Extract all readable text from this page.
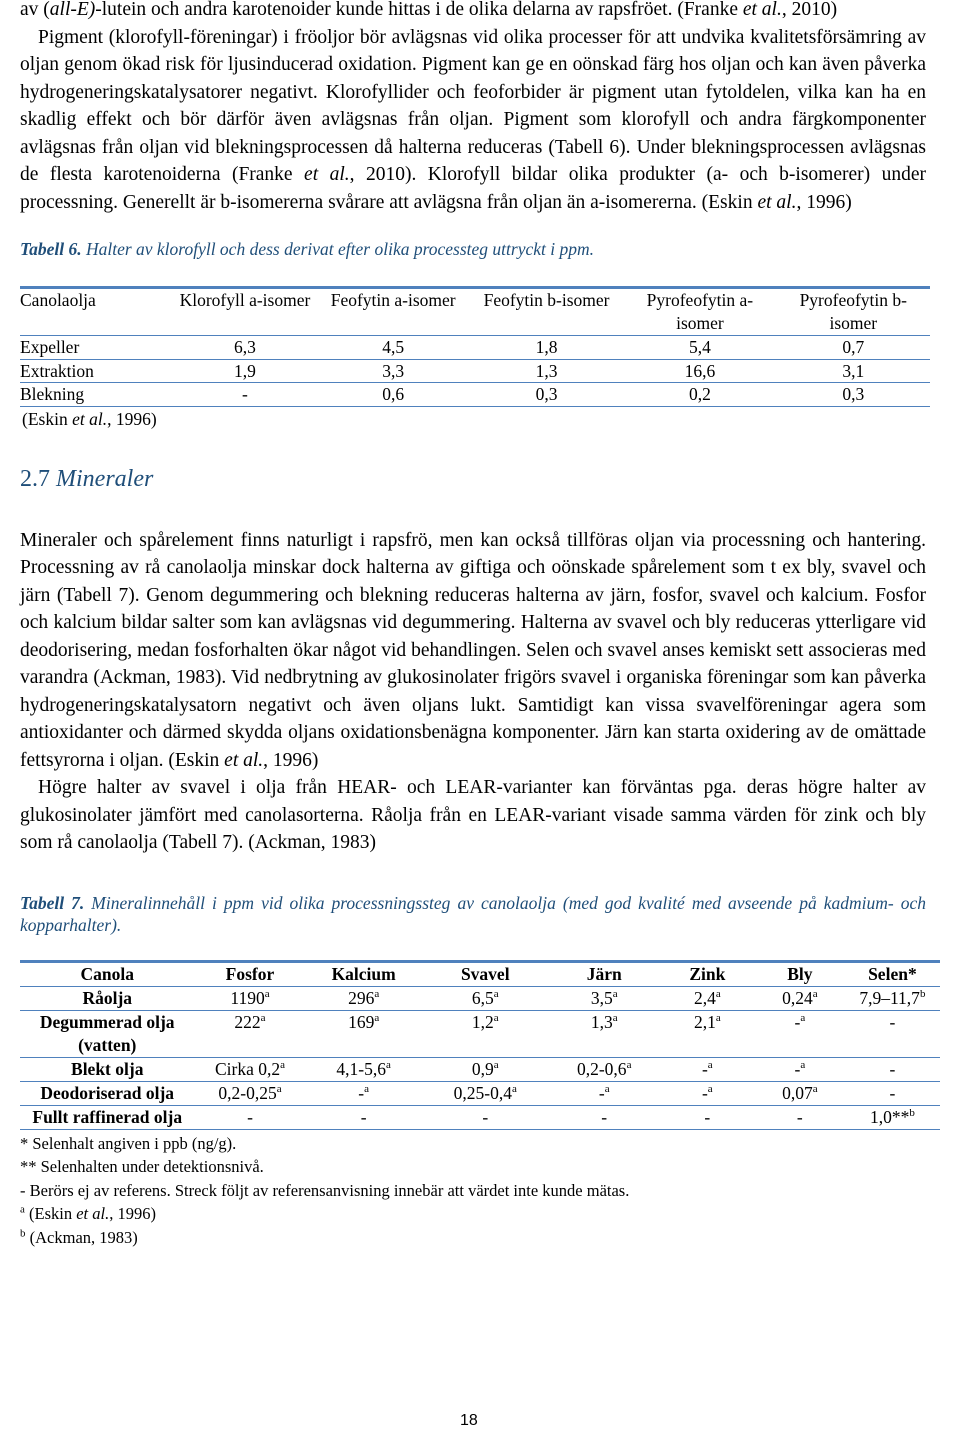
av (all-E)-lutein och andra karotenoider kunde hittas i de olika delarna av rapsfröet. (Franke et al., 2010)

Pigment (klorofyll-föreningar) i fröoljor bör avlägsnas vid olika processer för att undvika kvalitetsförsämring av oljan genom ökad risk för ljusinducerad oxidation. Pigment kan ge en oönskad färg hos oljan och kan även påverka hydrogeneringskatalysatorer negativt. Klorofyllider och feoforbider är pigment utan fytoldelen, vilka kan ha en skadlig effekt och bör därför även avlägsnas från oljan. Pigment som klorofyll och andra färgkomponenter avlägsnas från oljan vid blekningsprocessen då halterna reduceras (Tabell 6). Under blekningsprocessen avlägsnas de flesta karotenoiderna (Franke et al., 2010). Klorofyll bildar olika produkter (a- och b-isomerer) under processning. Generellt är b-isomererna svårare att avlägsna från oljan än a-isomererna. (Eskin et al., 1996)

Tabell 6. Halter av klorofyll och dess derivat efter olika processteg uttryckt i ppm.

Canolaolja	Klorofyll a-isomer	Feofytin a-isomer	Feofytin b-isomer	Pyrofeofytin a-isomer	Pyrofeofytin b-isomer
Expeller	6,3	4,5	1,8	5,4	0,7
Extraktion	1,9	3,3	1,3	16,6	3,1
Blekning	-	0,6	0,3	0,2	0,3

(Eskin et al., 1996)

2.7 Mineraler

Mineraler och spårelement finns naturligt i rapsfrö, men kan också tillföras oljan via processning och hantering. Processning av rå canolaolja minskar dock halterna av giftiga och oönskade spårelement som t ex bly, svavel och järn (Tabell 7). Genom degummering och blekning reduceras halterna av järn, fosfor, svavel och kalcium. Fosfor och kalcium bildar salter som kan avlägsnas vid degummering. Halterna av svavel och bly reduceras ytterligare vid deodorisering, medan fosforhalten ökar något vid behandlingen. Selen och svavel anses kemiskt sett associeras med varandra (Ackman, 1983). Vid nedbrytning av glukosinolater frigörs svavel i organiska föreningar som kan påverka hydrogeneringskatalysatorn negativt och även oljans lukt. Samtidigt kan vissa svavelföreningar agera som antioxidanter och därmed skydda oljans oxidationsbenägna komponenter. Järn kan starta oxidering av de omättade fettsyrorna i oljan. (Eskin et al., 1996)

Högre halter av svavel i olja från HEAR- och LEAR-varianter kan förväntas pga. deras högre halter av glukosinolater jämfört med canolasorterna. Råolja från en LEAR-variant visade samma värden för zink och bly som rå canolaolja (Tabell 7). (Ackman, 1983)

Tabell 7. Mineralinnehåll i ppm vid olika processningssteg av canolaolja (med god kvalité med avseende på kadmium- och kopparhalter).

Canola	Fosfor	Kalcium	Svavel	Järn	Zink	Bly	Selen*
Råolja	1190$^a$	296$^a$	6,5$^a$	3,5$^a$	2,4$^a$	0,24$^a$	7,9–11,7$^b$
Degummerad olja (vatten)	222$^a$	169$^a$	1,2$^a$	1,3$^a$	2,1$^a$	-$^a$	-
Blekt olja	Cirka 0,2$^a$	4,1-5,6$^a$	0,9$^a$	0,2-0,6$^a$	-$^a$	-$^a$	-
Deodoriserad olja	0,2-0,25$^a$	-$^a$	0,25-0,4$^a$	-$^a$	-$^a$	0,07$^a$	-
Fullt raffinerad olja	-	-	-	-	-	-	1,0**$^b$

* Selenhalt angiven i ppb (ng/g).

** Selenhalten under detektionsnivå.

- Berörs ej av referens. Streck följt av referensanvisning innebär att värdet inte kunde mätas.

$^a$ (Eskin et al., 1996)

$^b$ (Ackman, 1983)

18
